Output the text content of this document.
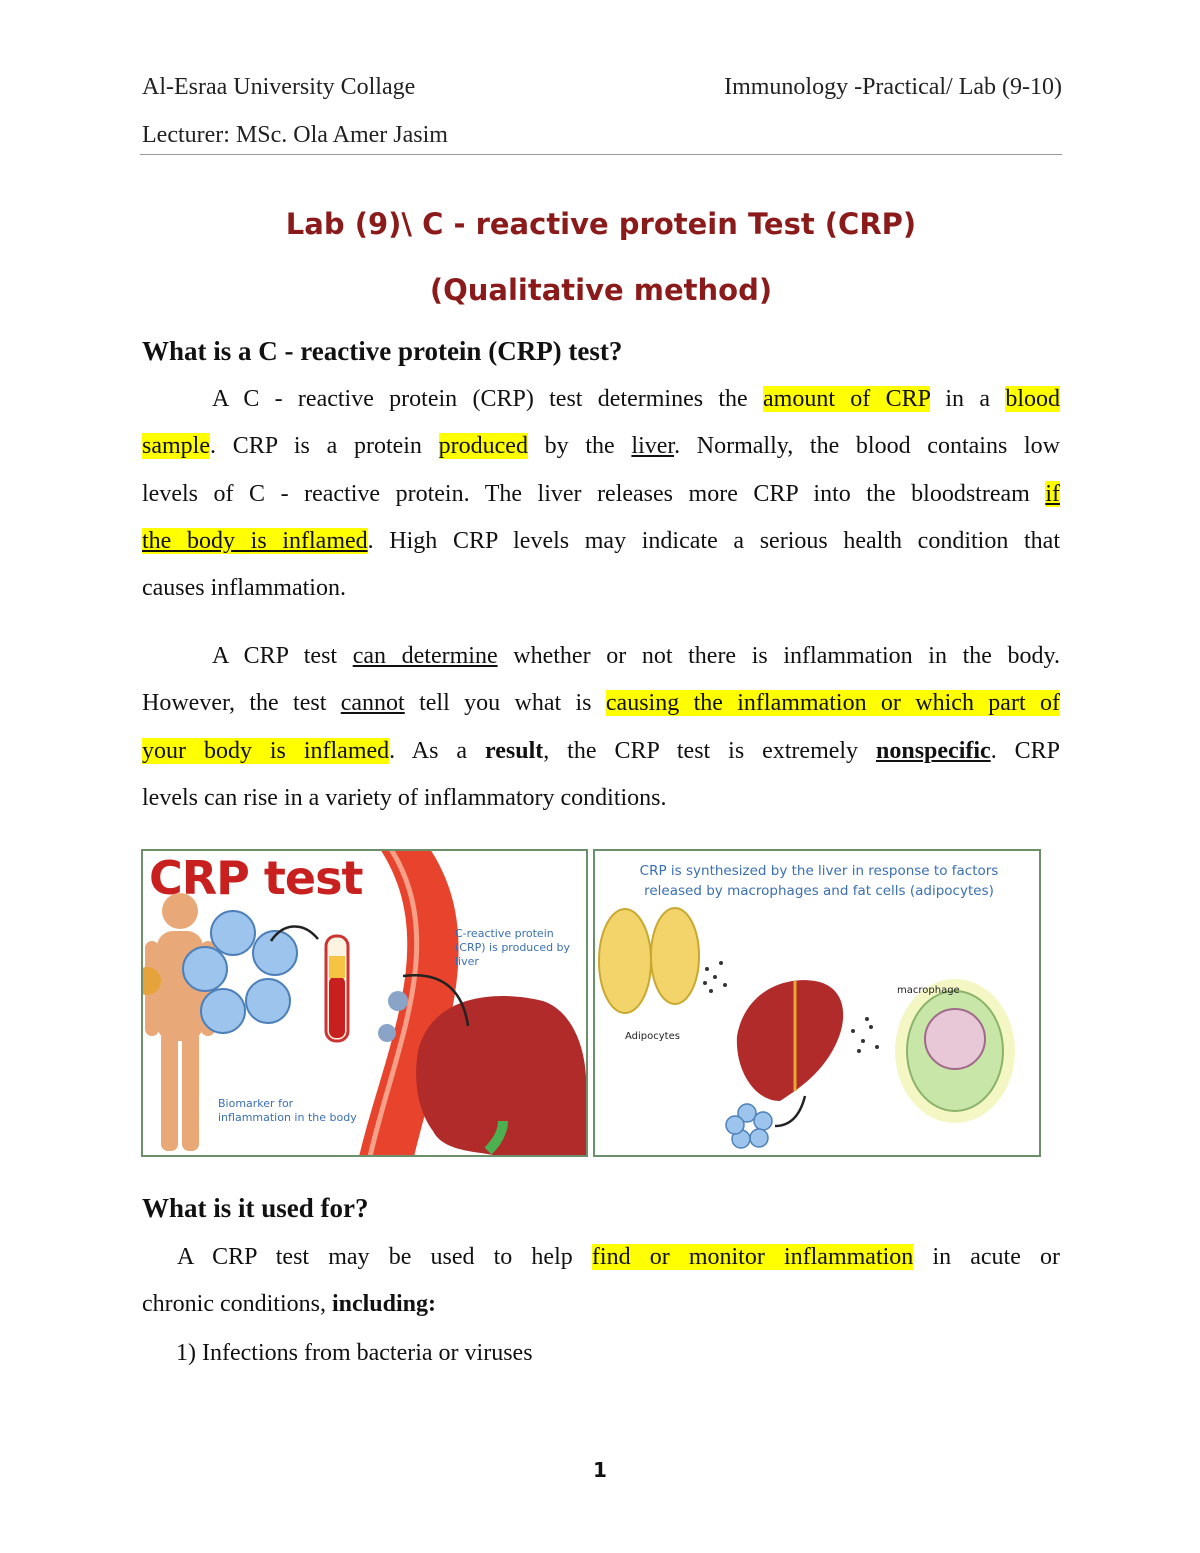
Al-Esraa University Collage	Immunology -Practical/ Lab (9-10)
Lecturer: MSc. Ola Amer Jasim
Lab (9)\ C - reactive protein Test (CRP)
(Qualitative method)
What is a C - reactive protein (CRP) test?
A C - reactive protein (CRP) test determines the amount of CRP in a blood
sample. CRP is a protein produced by the liver. Normally, the blood contains low
levels of C - reactive protein. The liver releases more CRP into the bloodstream if
the body is inflamed. High CRP levels may indicate a serious health condition that
causes inflammation.
A CRP test can determine whether or not there is inflammation in the body.
However, the test cannot tell you what is causing the inflammation or which part of
your body is inflamed. As a result, the CRP test is extremely nonspecific. CRP
levels can rise in a variety of inflammatory conditions.
CRP test
C-reactive protein (CRP) is produced by liver
Biomarker for inflammation in the body
CRP is synthesized by the liver in response to factors released by macrophages and fat cells (adipocytes)
Adipocytes
macrophage
What is it used for?
A CRP test may be used to help find or monitor inflammation in acute or
chronic conditions, including:
1) Infections from bacteria or viruses
1
